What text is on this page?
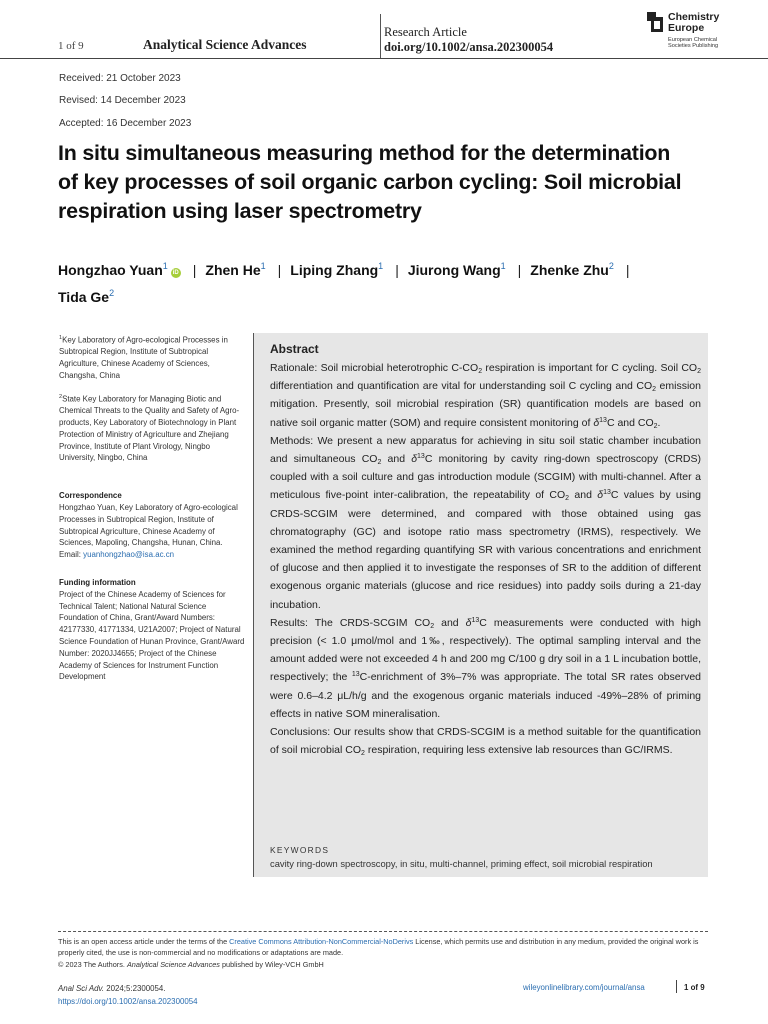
1 of 9	Analytical Science Advances
Research Article
doi.org/10.1002/ansa.202300054
Chemistry
Europe
European Chemical
Societies Publishing
Received: 21 October 2023
Revised: 14 December 2023
Accepted: 16 December 2023
In situ simultaneous measuring method for the determination
of key processes of soil organic carbon cycling: Soil microbial
respiration using laser spectrometry
Hongzhao Yuan$^1$iD | Zhen He$^1$ | Liping Zhang$^1$ | Jiurong Wang$^1$ | Zhenke Zhu$^2$ |
Tida Ge$^2$

$^1$Key Laboratory of Agro-ecological Processes in Subtropical Region, Institute of Subtropical Agriculture, Chinese Academy of Sciences, Changsha, China

$^2$State Key Laboratory for Managing Biotic and Chemical Threats to the Quality and Safety of Agro-products, Key Laboratory of Biotechnology in Plant Protection of Ministry of Agriculture and Zhejiang Province, Institute of Plant Virology, Ningbo University, Ningbo, China

Correspondence

Hongzhao Yuan, Key Laboratory of Agro-ecological Processes in Subtropical Region, Institute of Subtropical Agriculture, Chinese Academy of Sciences, Mapoling, Changsha, Hunan, China.
Email: yuanhongzhao@isa.ac.cn

Funding information

Project of the Chinese Academy of Sciences for Technical Talent; National Natural Science Foundation of China, Grant/Award Numbers: 42177330, 41771334, U21A2007; Project of Natural Science Foundation of Hunan Province, Grant/Award Number: 2020JJ4655; Project of the Chinese Academy of Sciences for Instrument Function Development

Abstract

Rationale: Soil microbial heterotrophic $C-CO_2$ respiration is important for C cycling. Soil $CO_2$ differentiation and quantification are vital for understanding soil C cycling and $CO_2$ emission mitigation. Presently, soil microbial respiration (SR) quantification models are based on native soil organic matter (SOM) and require consistent monitoring of $\delta^{13}C$ and $CO_2$.

Methods: We present a new apparatus for achieving in situ soil static chamber incubation and simultaneous $CO_2$ and $\delta^{13}C$ monitoring by cavity ring-down spectroscopy (CRDS) coupled with a soil culture and gas introduction module (SCGIM) with multi-channel. After a meticulous five-point inter-calibration, the repeatability of $CO_2$ and $\delta^{13}C$ values by using CRDS-SCGIM were determined, and compared with those obtained using gas chromatography (GC) and isotope ratio mass spectrometry (IRMS), respectively. We examined the method regarding quantifying SR with various concentrations and enrichment of glucose and then applied it to investigate the responses of SR to the addition of different exogenous organic materials (glucose and rice residues) into paddy soils during a 21-day incubation.

Results: The CRDS-SCGIM $CO_2$ and $\delta^{13}C$ measurements were conducted with high precision (< 1.0 μmol/mol and 1‰, respectively). The optimal sampling interval and the amount added were not exceeded 4 h and 200 mg C/100 g dry soil in a 1 L incubation bottle, respectively; the $^{13}$C-enrichment of 3%–7% was appropriate. The total SR rates observed were 0.6–4.2 μL/h/g and the exogenous organic materials induced -49%–28% of priming effects in native SOM mineralisation.

Conclusions: Our results show that CRDS-SCGIM is a method suitable for the quantification of soil microbial $CO_2$ respiration, requiring less extensive lab resources than GC/IRMS.

KEYWORDS
cavity ring-down spectroscopy, in situ, multi-channel, priming effect, soil microbial respiration
This is an open access article under the terms of the Creative Commons Attribution-NonCommercial-NoDerivs License, which permits use and distribution in any medium, provided the original work is properly cited, the use is non-commercial and no modifications or adaptations are made.
© 2023 The Authors. Analytical Science Advances published by Wiley-VCH GmbH
Anal Sci Adv. 2024;5:2300054.
https://doi.org/10.1002/ansa.202300054
wileyonlinelibrary.com/journal/ansa	1 of 9
